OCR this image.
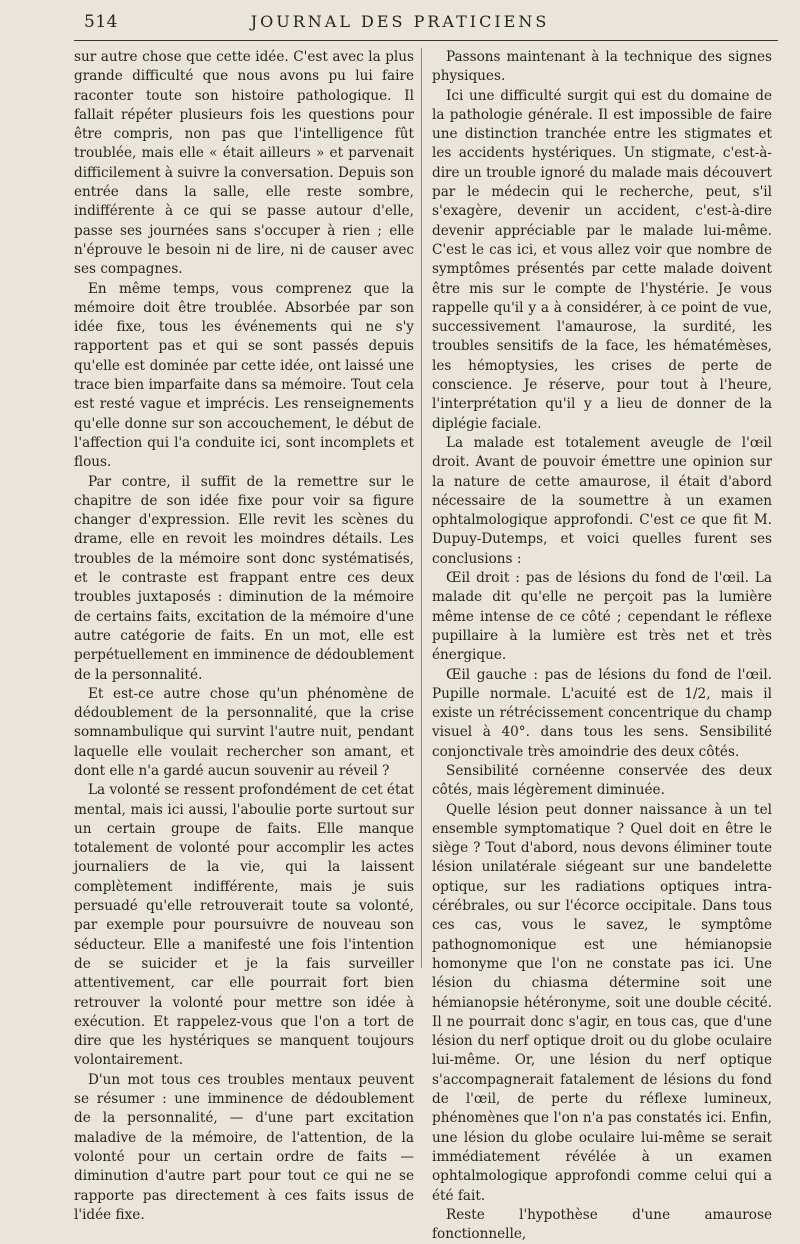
514	JOURNAL DES PRATICIENS

sur autre chose que cette idée. C'est avec la plus grande difficulté que nous avons pu lui faire raconter toute son histoire pathologique. Il fallait répéter plusieurs fois les questions pour être compris, non pas que l'intelligence fût troublée, mais elle « était ailleurs » et parvenait difficilement à suivre la conversation. Depuis son entrée dans la salle, elle reste sombre, indifférente à ce qui se passe autour d'elle, passe ses journées sans s'occuper à rien ; elle n'éprouve le besoin ni de lire, ni de causer avec ses compagnes.

En même temps, vous comprenez que la mémoire doit être troublée. Absorbée par son idée fixe, tous les événements qui ne s'y rapportent pas et qui se sont passés depuis qu'elle est dominée par cette idée, ont laissé une trace bien imparfaite dans sa mémoire. Tout cela est resté vague et imprécis. Les renseignements qu'elle donne sur son accouchement, le début de l'affection qui l'a conduite ici, sont incomplets et flous.

Par contre, il suffit de la remettre sur le chapitre de son idée fixe pour voir sa figure changer d'expression. Elle revit les scènes du drame, elle en revoit les moindres détails. Les troubles de la mémoire sont donc systématisés, et le contraste est frappant entre ces deux troubles juxtaposés : diminution de la mémoire de certains faits, excitation de la mémoire d'une autre catégorie de faits. En un mot, elle est perpétuellement en imminence de dédoublement de la personnalité.

Et est-ce autre chose qu'un phénomène de dédoublement de la personnalité, que la crise somnambulique qui survint l'autre nuit, pendant laquelle elle voulait rechercher son amant, et dont elle n'a gardé aucun souvenir au réveil ?

La volonté se ressent profondément de cet état mental, mais ici aussi, l'aboulie porte surtout sur un certain groupe de faits. Elle manque totalement de volonté pour accomplir les actes journaliers de la vie, qui la laissent complètement indifférente, mais je suis persuadé qu'elle retrouverait toute sa volonté, par exemple pour poursuivre de nouveau son séducteur. Elle a manifesté une fois l'intention de se suicider et je la fais surveiller attentivement, car elle pourrait fort bien retrouver la volonté pour mettre son idée à exécution. Et rappelez-vous que l'on a tort de dire que les hystériques se manquent toujours volontairement.

D'un mot tous ces troubles mentaux peuvent se résumer : une imminence de dédoublement de la personnalité, — d'une part excitation maladive de la mémoire, de l'attention, de la volonté pour un certain ordre de faits — diminution d'autre part pour tout ce qui ne se rapporte pas directement à ces faits issus de l'idée fixe.

Passons maintenant à la technique des signes physiques.

Ici une difficulté surgit qui est du domaine de la pathologie générale. Il est impossible de faire une distinction tranchée entre les stigmates et les accidents hystériques. Un stigmate, c'est-à-dire un trouble ignoré du malade mais découvert par le médecin qui le recherche, peut, s'il s'exagère, devenir un accident, c'est-à-dire devenir appréciable par le malade lui-même. C'est le cas ici, et vous allez voir que nombre de symptômes présentés par cette malade doivent être mis sur le compte de l'hystérie. Je vous rappelle qu'il y a à considérer, à ce point de vue, successivement l'amaurose, la surdité, les troubles sensitifs de la face, les hématémèses, les hémoptysies, les crises de perte de conscience. Je réserve, pour tout à l'heure, l'interprétation qu'il y a lieu de donner de la diplégie faciale.

La malade est totalement aveugle de l'œil droit. Avant de pouvoir émettre une opinion sur la nature de cette amaurose, il était d'abord nécessaire de la soumettre à un examen ophtalmologique approfondi. C'est ce que fit M. Dupuy-Dutemps, et voici quelles furent ses conclusions :

Œil droit : pas de lésions du fond de l'œil. La malade dit qu'elle ne perçoit pas la lumière même intense de ce côté ; cependant le réflexe pupillaire à la lumière est très net et très énergique.

Œil gauche : pas de lésions du fond de l'œil. Pupille normale. L'acuité est de 1/2, mais il existe un rétrécissement concentrique du champ visuel à 40°. dans tous les sens. Sensibilité conjonctivale très amoindrie des deux côtés.

Sensibilité cornéenne conservée des deux côtés, mais légèrement diminuée.

Quelle lésion peut donner naissance à un tel ensemble symptomatique ? Quel doit en être le siège ? Tout d'abord, nous devons éliminer toute lésion unilatérale siégeant sur une bandelette optique, sur les radiations optiques intra-cérébrales, ou sur l'écorce occipitale. Dans tous ces cas, vous le savez, le symptôme pathognomonique est une hémianopsie homonyme que l'on ne constate pas ici. Une lésion du chiasma détermine soit une hémianopsie hétéronyme, soit une double cécité. Il ne pourrait donc s'agir, en tous cas, que d'une lésion du nerf optique droit ou du globe oculaire lui-même. Or, une lésion du nerf optique s'accompagnerait fatalement de lésions du fond de l'œil, de perte du réflexe lumineux, phénomènes que l'on n'a pas constatés ici. Enfin, une lésion du globe oculaire lui-même se serait immédiatement révélée à un examen ophtalmologique approfondi comme celui qui a été fait.

Reste l'hypothèse d'une amaurose fonctionnelle,
